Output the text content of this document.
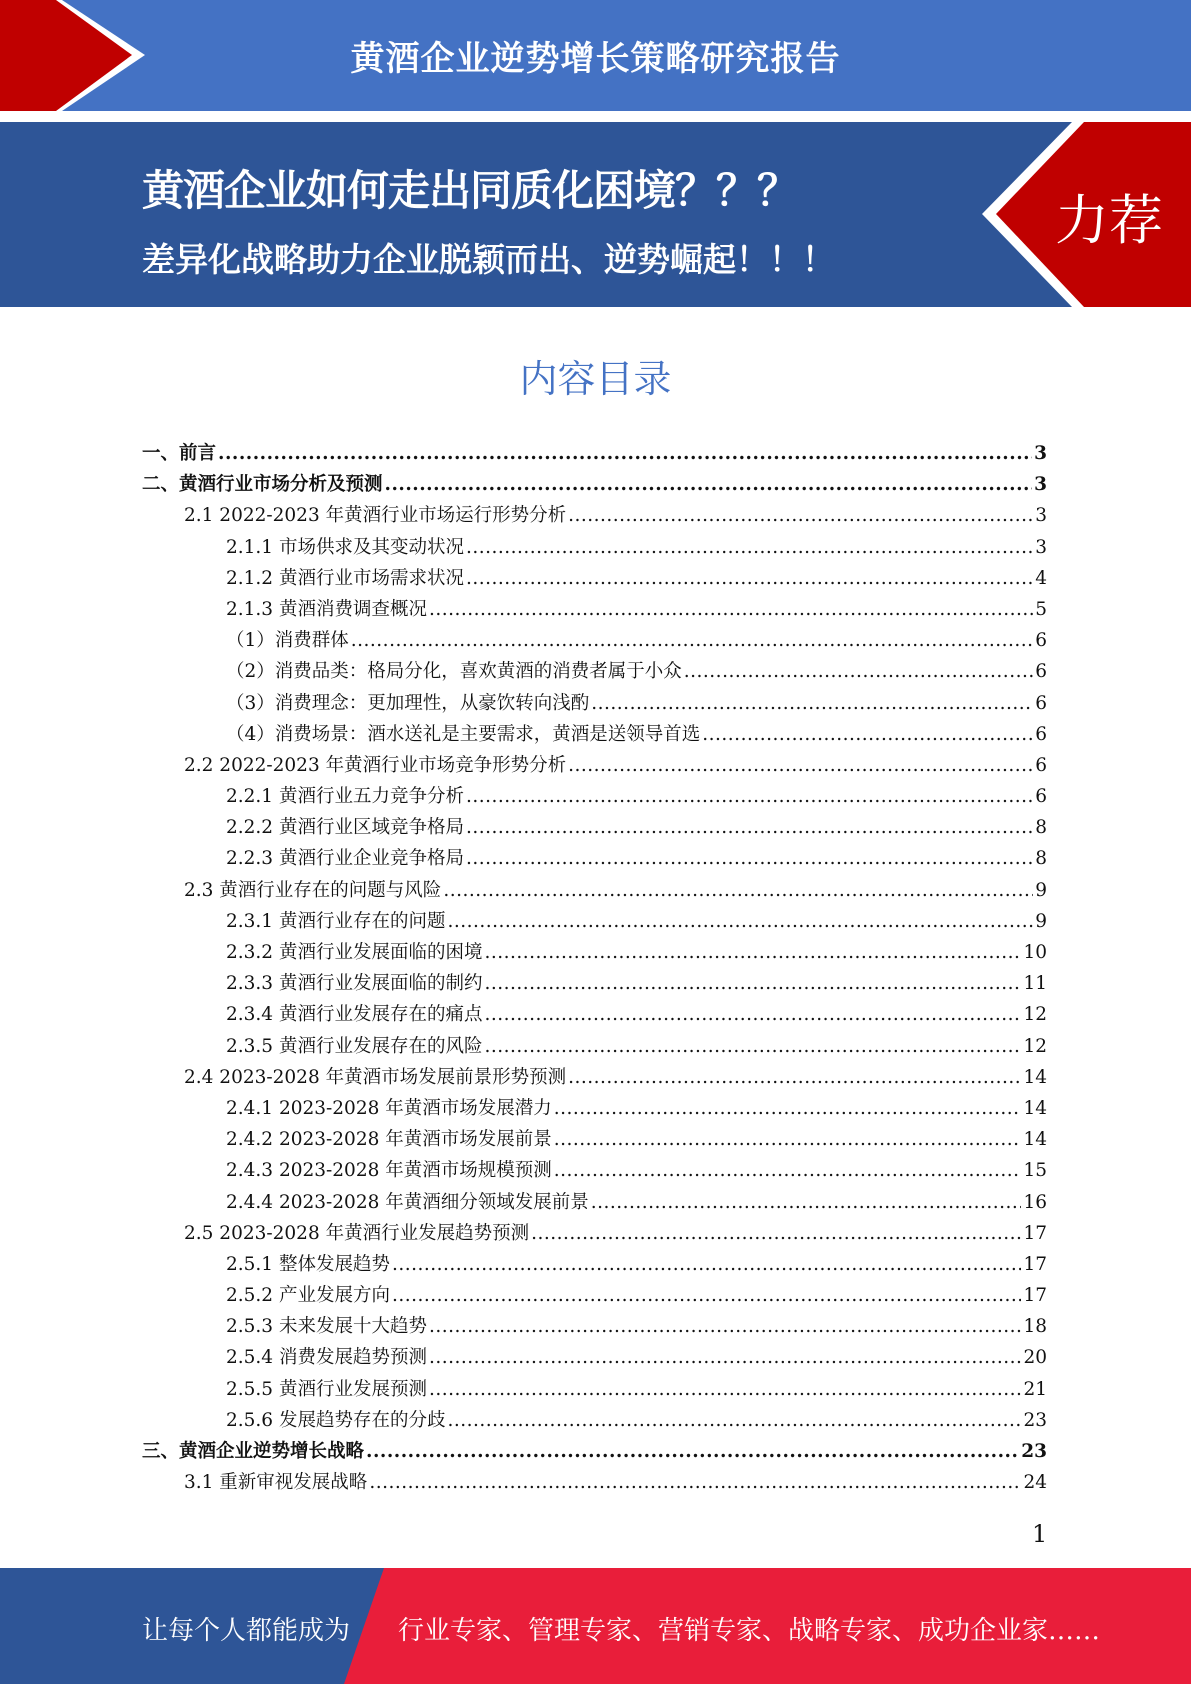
黄酒企业逆势增长策略研究报告
黄酒企业如何走出同质化困境？？？
差异化战略助力企业脱颖而出、逆势崛起！！！
力荐
内容目录
一、前言 .....	3
二、黄酒行业市场分析及预测 .....	3
2.1 2022-2023 年黄酒行业市场运行形势分析 .....	3
2.1.1 市场供求及其变动状况 .....	3
2.1.2 黄酒行业市场需求状况 .....	4
2.1.3 黄酒消费调查概况 .....	5
（1）消费群体 .....	6
（2）消费品类：格局分化，喜欢黄酒的消费者属于小众 .....	6
（3）消费理念：更加理性，从豪饮转向浅酌 .....	6
（4）消费场景：酒水送礼是主要需求，黄酒是送领导首选 .....	6
2.2 2022-2023 年黄酒行业市场竞争形势分析 .....	6
2.2.1 黄酒行业五力竞争分析 .....	6
2.2.2 黄酒行业区域竞争格局 .....	8
2.2.3 黄酒行业企业竞争格局 .....	8
2.3 黄酒行业存在的问题与风险 .....	9
2.3.1 黄酒行业存在的问题 .....	9
2.3.2 黄酒行业发展面临的困境 .....	10
2.3.3 黄酒行业发展面临的制约 .....	11
2.3.4 黄酒行业发展存在的痛点 .....	12
2.3.5 黄酒行业发展存在的风险 .....	12
2.4 2023-2028 年黄酒市场发展前景形势预测 .....	14
2.4.1 2023-2028 年黄酒市场发展潜力 .....	14
2.4.2 2023-2028 年黄酒市场发展前景 .....	14
2.4.3 2023-2028 年黄酒市场规模预测 .....	15
2.4.4 2023-2028 年黄酒细分领域发展前景 .....	16
2.5 2023-2028 年黄酒行业发展趋势预测 .....	17
2.5.1 整体发展趋势 .....	17
2.5.2 产业发展方向 .....	17
2.5.3 未来发展十大趋势 .....	18
2.5.4 消费发展趋势预测 .....	20
2.5.5 黄酒行业发展预测 .....	21
2.5.6 发展趋势存在的分歧 .....	23
三、黄酒企业逆势增长战略 .....	23
3.1 重新审视发展战略 .....	24
1
让每个人都能成为 行业专家、管理专家、营销专家、战略专家、成功企业家……
